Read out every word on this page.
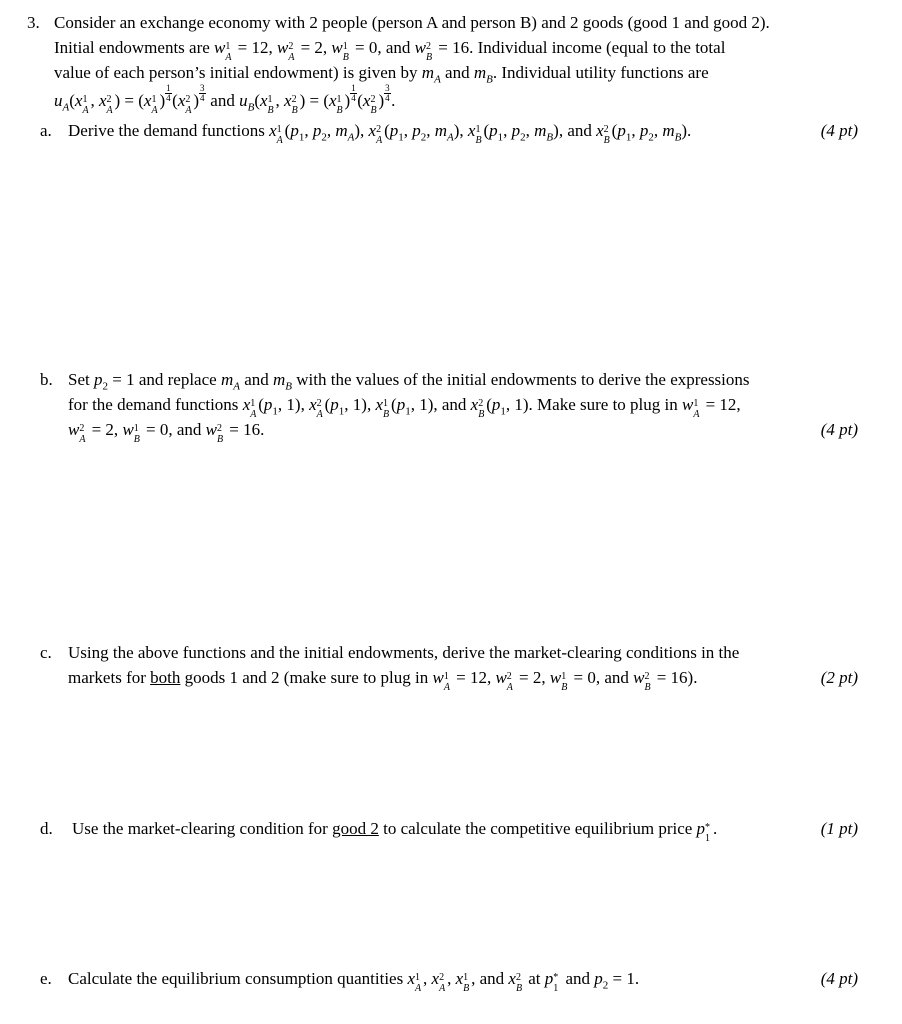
3. Consider an exchange economy with 2 people (person A and person B) and 2 goods (good 1 and good 2).
Initial endowments are w 1
A
= 12, w 2
A
= 2, w 1
B
= 0, and w 2
B
= 16. Individual income (equal to the total
value of each person’s initial endowment) is given by $m_A$ and $m_B$. Individual utility functions are
$u_A(x$ 1
A
, x 2
A
) = (x 1
A
) $\frac{1}{4} (x$ 2
A
) $\frac{3}{4}$ and $u_B(x$ 1
B
, x 2
B
) = (x 1
B
) $\frac{1}{4} (x$ 2
B
) $\frac{3}{4}$ .
a. Derive the demand functions x 1
A
($p_1$, $p_2$, $m_A$), x 2
A
($p_1$, $p_2$, $m_A$), x 1
B
($p_1$, $p_2$, $m_B$), and x 2
B
($p_1$, $p_2$, $m_B$).	(4 pt)
b. Set $p_2 = 1$ and replace $m_A$ and $m_B$ with the values of the initial endowments to derive the expressions
for the demand functions x 1
A
($p_1$, 1), x 2
A
($p_1$, 1), x 1
B
($p_1$, 1), and x 2
B
($p_1$, 1). Make sure to plug in w 1
A
= 12,
w 2
A
= 2, w 1
B
= 0, and w 2
B
= 16.	(4 pt)
c. Using the above functions and the initial endowments, derive the market-clearing conditions in the
markets for both goods 1 and 2 (make sure to plug in w 1
A
= 12, w 2
A
= 2, w 1
B
= 0, and w 2
B
= 16).	(2 pt)
d. Use the market-clearing condition for good 2 to calculate the competitive equilibrium price p *
1
.	(1 pt)
e. Calculate the equilibrium consumption quantities x 1
A
, x 2
A
, x 1
B
, and x 2
B
at p *
1
and $p_2 = 1$.	(4 pt)
